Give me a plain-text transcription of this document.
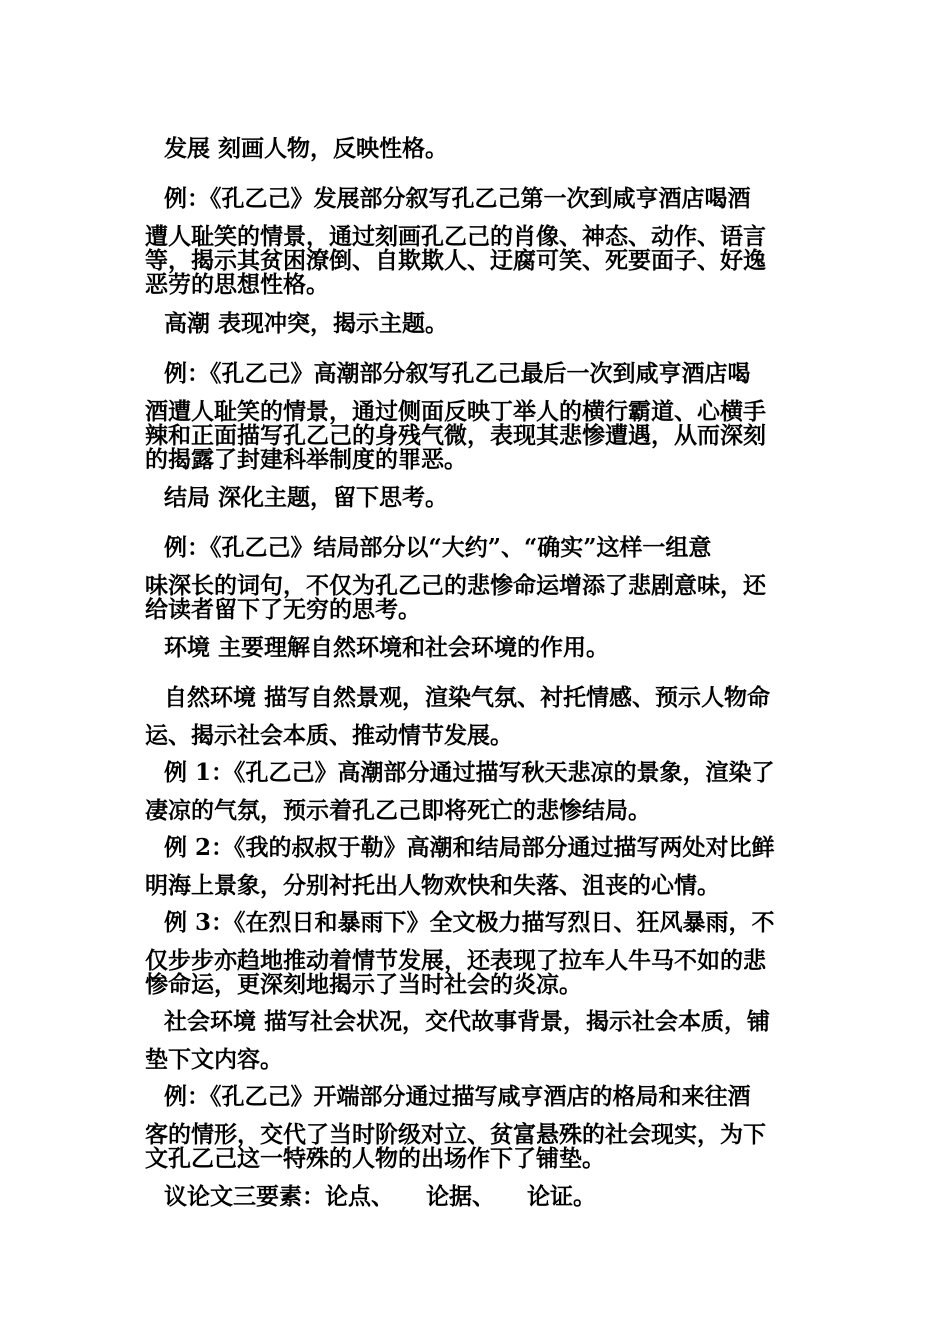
发展 刻画人物，反映性格。
例：《孔乙己》发展部分叙写孔乙己第一次到咸亨酒店喝酒
遭人耻笑的情景，通过刻画孔乙己的肖像、神态、动作、语言
等，揭示其贫困潦倒、自欺欺人、迂腐可笑、死要面子、好逸
恶劳的思想性格。
高潮 表现冲突，揭示主题。
例：《孔乙己》高潮部分叙写孔乙己最后一次到咸亨酒店喝
酒遭人耻笑的情景，通过侧面反映丁举人的横行霸道、心横手
辣和正面描写孔乙己的身残气微，表现其悲惨遭遇，从而深刻
的揭露了封建科举制度的罪恶。
结局 深化主题，留下思考。
例：《孔乙己》结局部分以“大约”、“确实”这样一组意
味深长的词句，不仅为孔乙己的悲惨命运增添了悲剧意味，还
给读者留下了无穷的思考。
环境 主要理解自然环境和社会环境的作用。
自然环境 描写自然景观，渲染气氛、衬托情感、预示人物命
运、揭示社会本质、推动情节发展。
例 1：《孔乙己》高潮部分通过描写秋天悲凉的景象，渲染了
凄凉的气氛，预示着孔乙己即将死亡的悲惨结局。
例 2：《我的叔叔于勒》高潮和结局部分通过描写两处对比鲜
明海上景象，分别衬托出人物欢快和失落、沮丧的心情。
例 3：《在烈日和暴雨下》全文极力描写烈日、狂风暴雨，不
仅步步亦趋地推动着情节发展，还表现了拉车人牛马不如的悲
惨命运，更深刻地揭示了当时社会的炎凉。
社会环境 描写社会状况，交代故事背景，揭示社会本质，铺
垫下文内容。
例：《孔乙己》开端部分通过描写咸亨酒店的格局和来往酒
客的情形，交代了当时阶级对立、贫富悬殊的社会现实，为下
文孔乙己这一特殊的人物的出场作下了铺垫。
议论文三要素：论点、    论据、    论证。
